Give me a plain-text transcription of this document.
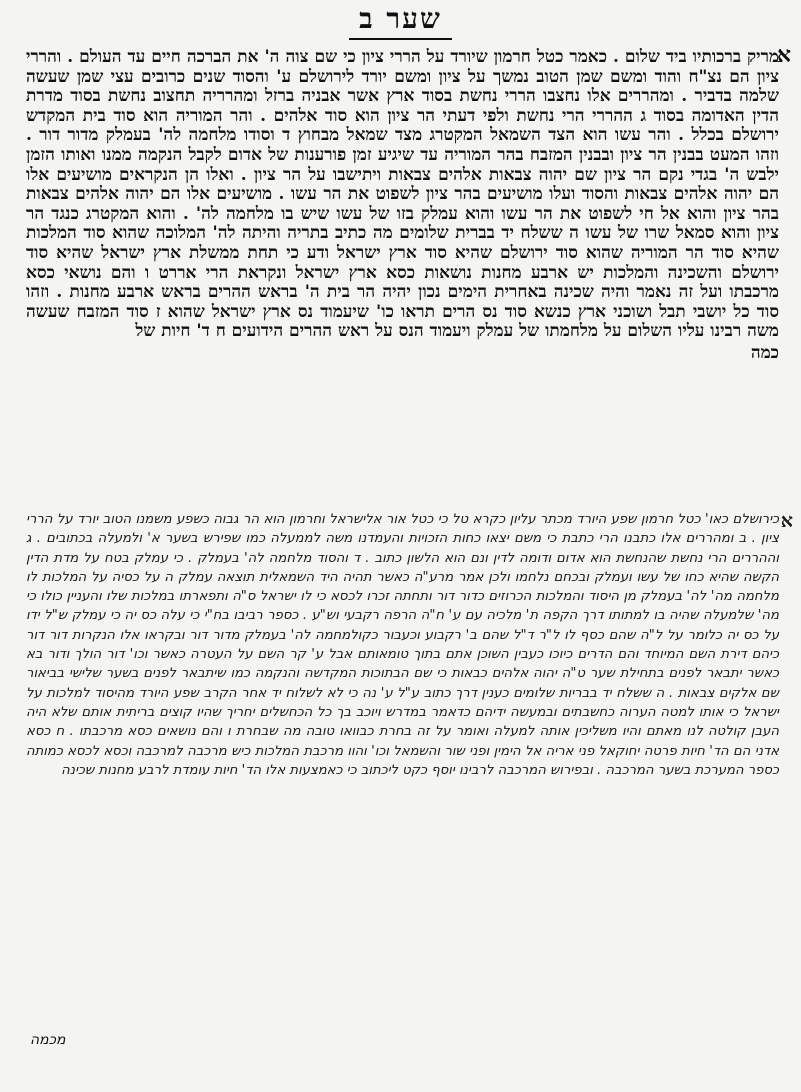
שער ב
א
מריק ברכותיו ביד שלום . כאמר כטל חרמון שיורד על הררי ציון כי שם צוה ה' את הברכה חיים עד העולם . והררי ציון הם נצ"ח והוד ומשם שמן הטוב נמשך על ציון ומשם יורד לירושלם ע' והסוד שנים כרובים עצי שמן שעשה שלמה בדביר . ומהררים אלו נחצבו הררי נחשת בסוד ארץ אשר אבניה ברזל ומהרריה תחצוב נחשת בסוד מדרת הדין האדומה בסוד ג ההררי הרי נחשת ולפי דעתי הר ציון הוא סוד אלהים . והר המוריה הוא סוד בית המקדש ירושלם בכלל . והר עשו הוא הצד השמאל המקטרג מצד שמאל מבחוץ ד וסודו מלחמה לה' בעמלק מדור דור . וזהו המעט בבנין הר ציון ובבנין המזבח בהר המוריה עד שיגיע זמן פורענות של אדום לקבל הנקמה ממנו ואותו הזמן ילבש ה' בגדי נקם הר ציון שם יהוה צבאות אלהים צבאות ויתישבו על הר ציון . ואלו הן הנקראים מושיעים אלו הם יהוה אלהים צבאות והסוד ועלו מושיעים בהר ציון לשפוט את הר עשו . מושיעים אלו הם יהוה אלהים צבאות בהר ציון והוא אל חי לשפוט את הר עשו והוא עמלק בזו של עשו שיש בו מלחמה לה' . והוא המקטרג כנגד הר ציון והוא סמאל שרו של עשו ה ששלח יד בברית שלומים מה כתיב בתריה והיתה לה' המלוכה שהוא סוד המלכות שהיא סוד הר המוריה שהוא סוד ירושלם שהיא סוד ארץ ישראל ודע כי תחת ממשלת ארץ ישראל שהיא סוד ירושלם והשכינה והמלכות יש ארבע מחנות נושאות כסא ארץ ישראל ונקראת הרי אררט ו והם נושאי כסא מרכבתו ועל זה נאמר והיה שכינה באחרית הימים נכון יהיה הר בית ה' בראש ההרים בראש ארבע מחנות . וזהו סוד כל יושבי תבל ושוכני ארץ כנשא סוד נס הרים תראו כו' שיעמוד נס ארץ ישראל שהוא ז סוד המזבח שעשה משה רבינו עליו השלום על מלחמתו של עמלק ויעמוד הנס על ראש ההרים הידועים ח ד' חיות של
כמה
א
כירושלם כאו' כטל חרמון שפע היורד מכתר עליון כקרא טל כי כטל אור אלישראל וחרמון הוא הר גבוה כשפע משמנו הטוב יורד על הררי ציון . ב ומהררים אלו כתבנו הרי כתבת כי משם יצאו כחות הזכויות והעמדנו משה לממעלה כמו שפירש בשער א' ולמעלה בכתובים . ג וההררים הרי נחשת שהנחשת הוא אדום ודומה לדין ונם הוא הלשון כתוב . ד והסוד מלחמה לה' בעמלק . כי עמלק בטח על מדת הדין הקשה שהיא כחו של עשו ועמלק ובכחם נלחמו ולכן אמר מרע"ה כאשר תהיה היד השמאלית תוצאה עמלק ה על כסיה על המלכות לו מלחמה מה' לה' בעמלק מן היסוד והמלכות הכרוזים כדור דור ותחתה זכרו לכסא כי לו ישראל ס"ה ותפארתו במלכות שלו והעניין כולו כי מה' שלמעלה שהיה בו למתותו דרך הקפה ת' מלכיה עם ע' ח"ה הרפה רקבעי וש"ע . כספר רביבו בח"י כי עלה כס יה כי עמלק ש"ל ידו על כס יה כלומר על ל"ה שהם כסף לו ל"ר ד"ל שהם ב' רקבוע וכעבור כקולמחמה לה' בעמלק מדור דור ובקראו אלו הנקרות דור דור כיהם דירת השם המיוחד והם הדרים כיוכו כעבין השוכן אתם בתוך טומאותם אבל ע' קר השם על העטרה כאשר וכו' דור הולך ודור בא כאשר יתבאר לפנים בתחילת שער ט"ה יהוה אלהים כבאות כי שם הבתוכות המקדשה והנקמה כמו שיתבאר לפנים בשער שלישי בביאור שם אלקים צבאות . ה ששלח יד בבריות שלומים כענין דרך כתוב ע"ל ע' נה כי לא לשלוח יד אחר הקרב שפע היורד מהיסוד למלכות על ישראל כי אותו למטה הערוה כחשבתים ובמעשה ידיהם כדאמר במדרש ויוכב בך כל הכחשלים יחריך שהיו קוצים בריתית אותם שלא היה העבן קולטה לנו מאתם והיו משליכין אותה למעלה ואומר על זה בחרת כבוואו טובה מה שבחרת ו והם נושאים כסא מרכבתו . ח כסא אדני הם הד' חיות פרטה יחוקאל פני אריה אל הימין ופני שור והשמאל וכו' והוו מרכבת המלכות כיש מרכבה למרכבה וכסא לכסא כמותה כספר המערכת בשער המרכבה . ובפירוש המרכבה לרבינו יוסף כקט ליכתוב כי כאמצעות אלו הד' חיות עומדת לרבע מחנות שכינה
מכמה
